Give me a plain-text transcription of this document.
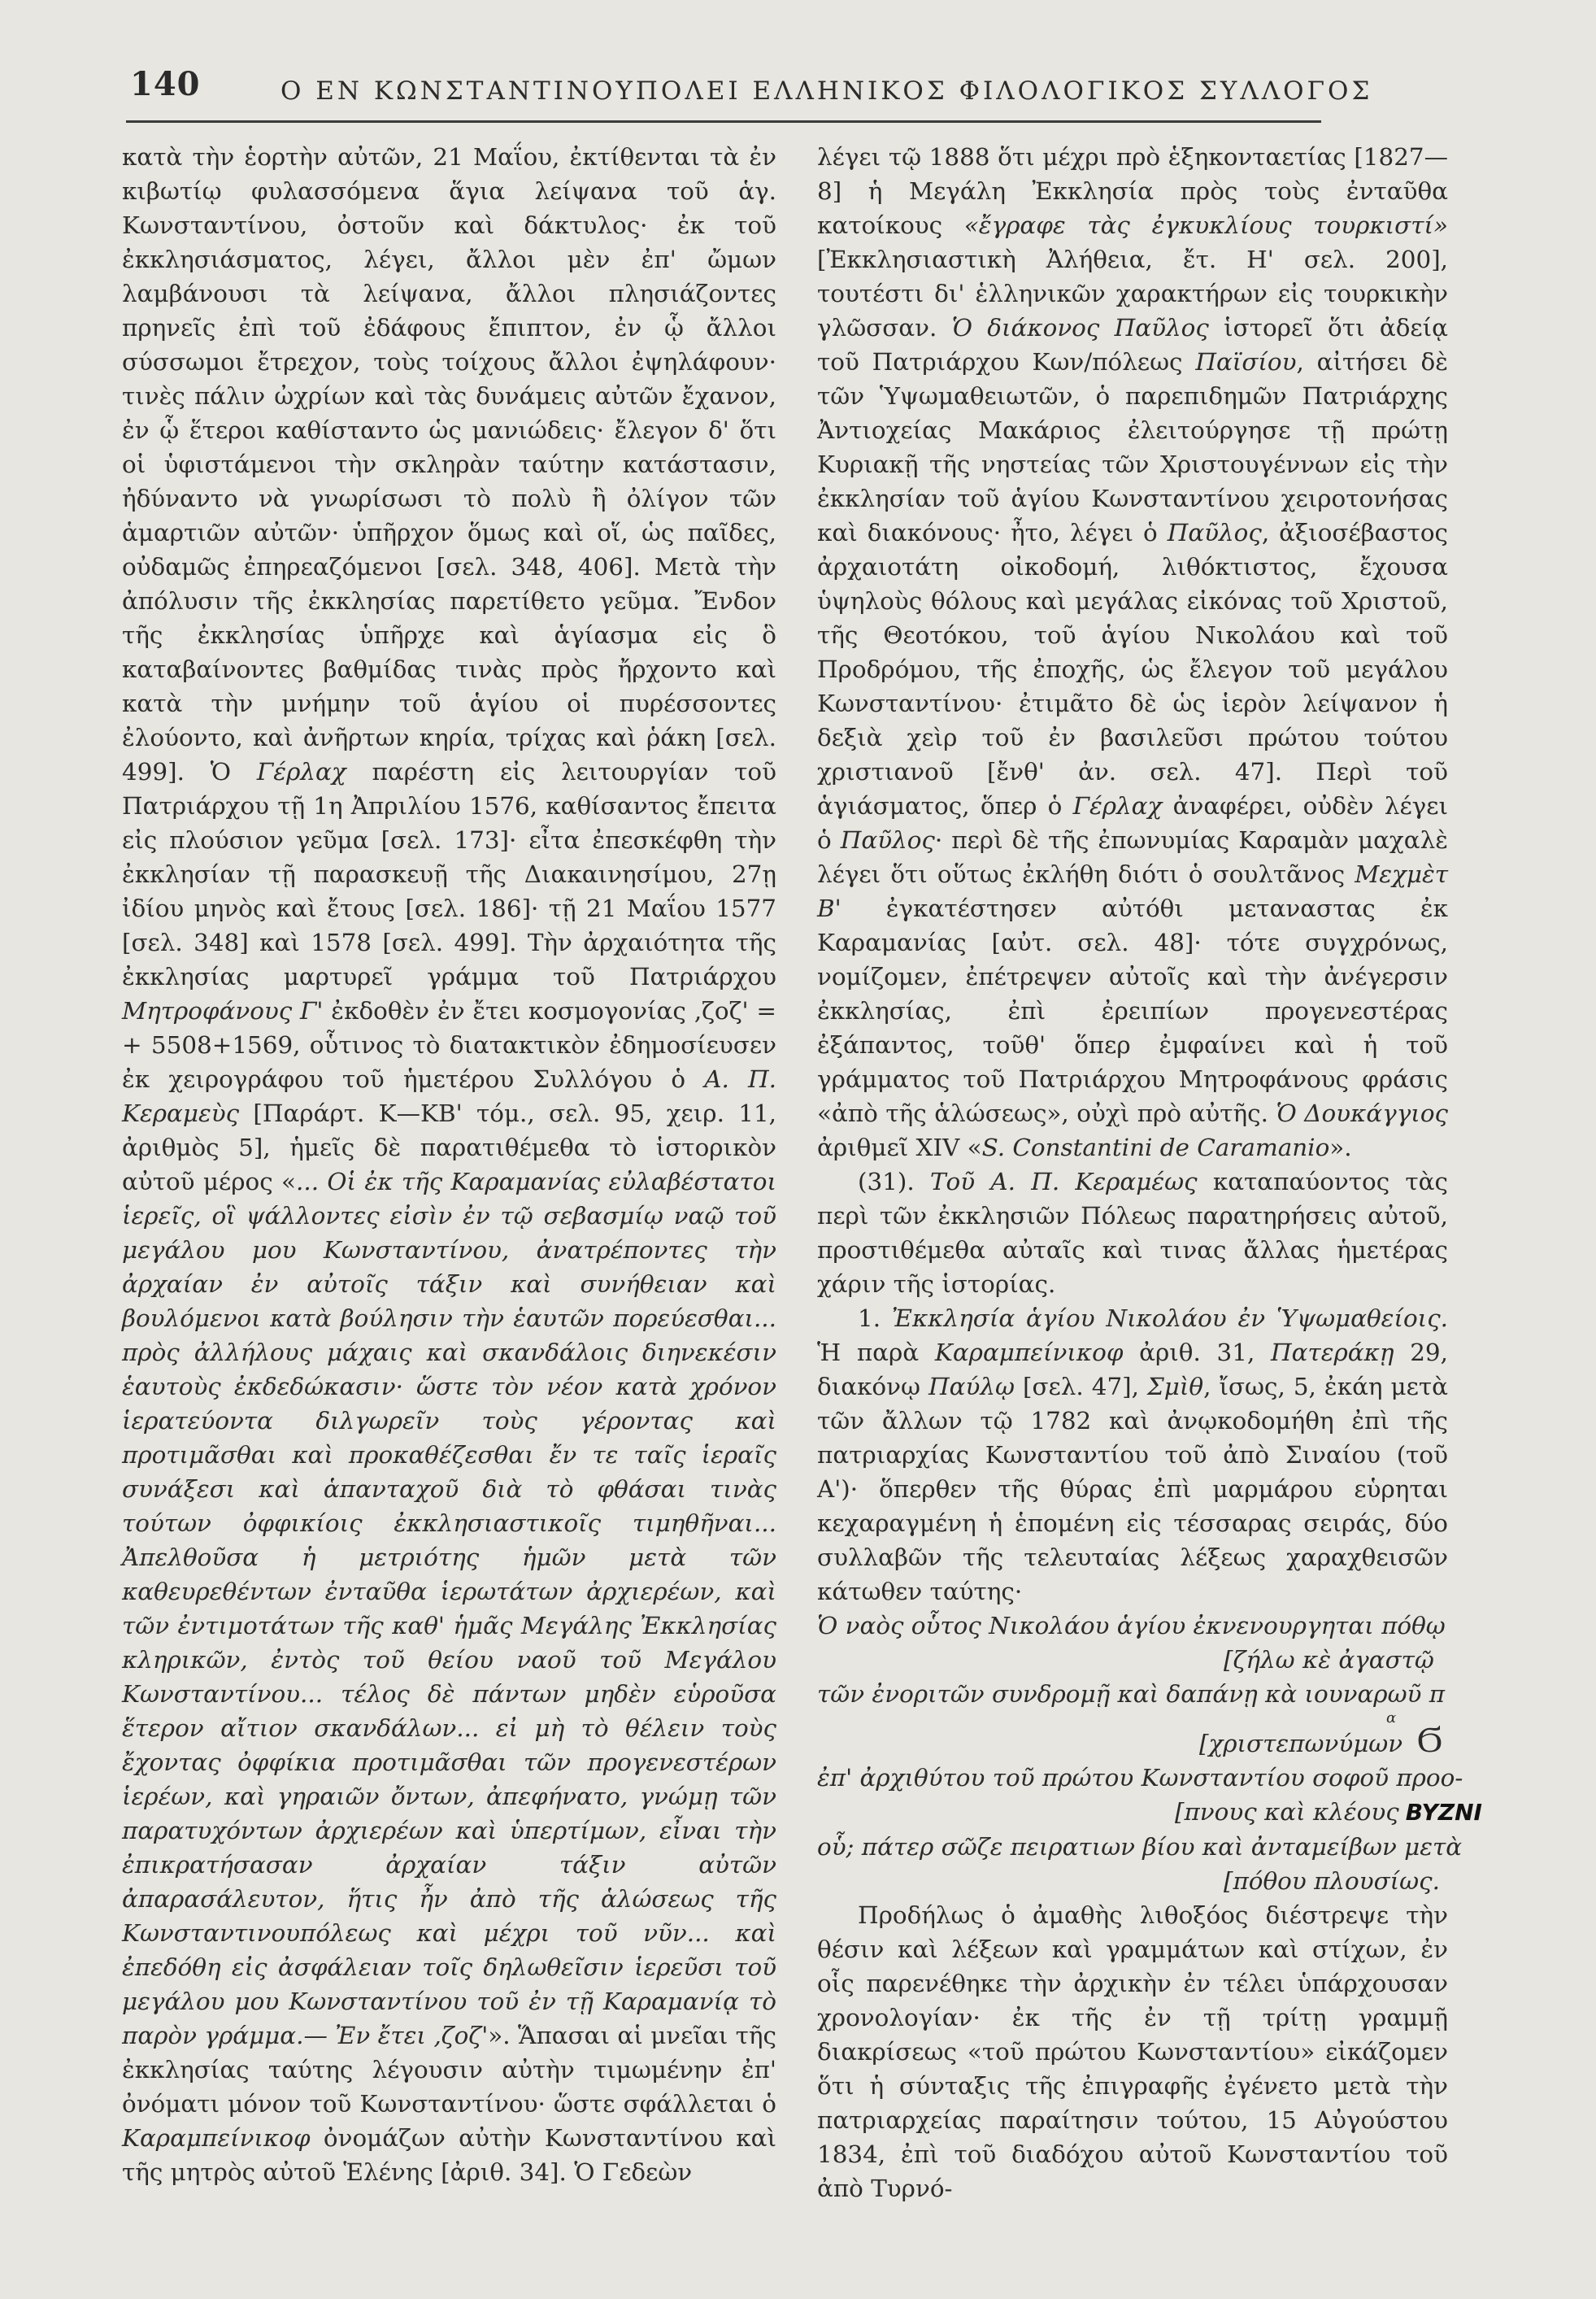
140	Ο ΕΝ ΚΩΝΣΤΑΝΤΙΝΟΥΠΟΛΕΙ ΕΛΛΗΝΙΚΟΣ ΦΙΛΟΛΟΓΙΚΟΣ ΣΥΛΛΟΓΟΣ

κατὰ τὴν ἑορτὴν αὐτῶν, 21 Μαΐου, ἐκτίθενται τὰ ἐν κιβωτίῳ φυλασσόμενα ἅγια λείψανα τοῦ ἁγ. Κωνσταντίνου, ὀστοῦν καὶ δάκτυλος· ἐκ τοῦ ἐκκλησιάσματος, λέγει, ἄλλοι μὲν ἐπ' ὤμων λαμβάνουσι τὰ λείψανα, ἄλλοι πλησιάζοντες πρηνεῖς ἐπὶ τοῦ ἐδάφους ἔπιπτον, ἐν ᾧ ἄλλοι σύσσωμοι ἔτρεχον, τοὺς τοίχους ἄλλοι ἐψηλάφουν· τινὲς πάλιν ὠχρίων καὶ τὰς δυνάμεις αὐτῶν ἔχανον, ἐν ᾧ ἕτεροι καθίσταντο ὡς μανιώδεις· ἔλεγον δ' ὅτι οἱ ὑφιστάμενοι τὴν σκληρὰν ταύτην κατάστασιν, ἠδύναντο νὰ γνωρίσωσι τὸ πολὺ ἢ ὀλίγον τῶν ἁμαρτιῶν αὐτῶν· ὑπῆρχον ὅμως καὶ οἵ, ὡς παῖδες, οὐδαμῶς ἐπηρεαζόμενοι [σελ. 348, 406]. Μετὰ τὴν ἀπόλυσιν τῆς ἐκκλησίας παρετίθετο γεῦμα. Ἔνδον τῆς ἐκκλησίας ὑπῆρχε καὶ ἁγίασμα εἰς ὃ καταβαίνοντες βαθμίδας τινὰς πρὸς ἤρχοντο καὶ κατὰ τὴν μνήμην τοῦ ἁγίου οἱ πυρέσσοντες ἐλούοντο, καὶ ἀνῆρτων κηρία, τρίχας καὶ ῥάκη [σελ. 499]. Ὁ Γέρλαχ παρέστη εἰς λειτουργίαν τοῦ Πατριάρχου τῇ 1η Ἀπριλίου 1576, καθίσαντος ἔπειτα εἰς πλούσιον γεῦμα [σελ. 173]· εἶτα ἐπεσκέφθη τὴν ἐκκλησίαν τῇ παρασκευῇ τῆς Διακαινησίμου, 27ῃ ἰδίου μηνὸς καὶ ἔτους [σελ. 186]· τῇ 21 Μαΐου 1577 [σελ. 348] καὶ 1578 [σελ. 499]. Τὴν ἀρχαιότητα τῆς ἐκκλησίας μαρτυρεῖ γράμμα τοῦ Πατριάρχου Μητροφάνους Γ' ἐκδοθὲν ἐν ἔτει κοσμογονίας ‚ζοζ' = + 5508+1569, οὗτινος τὸ διατακτικὸν ἐδημοσίευσεν ἐκ χειρογράφου τοῦ ἡμετέρου Συλλόγου ὁ Α. Π. Κεραμεὺς [Παράρτ. Κ—ΚΒ' τόμ., σελ. 95, χειρ. 11, ἀριθμὸς 5], ἡμεῖς δὲ παρατιθέμεθα τὸ ἱστορικὸν αὐτοῦ μέρος «... Οἱ ἐκ τῆς Καραμανίας εὐλαβέστατοι ἱερεῖς, οἳ ψάλλοντες εἰσὶν ἐν τῷ σεβασμίῳ ναῷ τοῦ μεγάλου μου Κωνσταντίνου, ἀνατρέποντες τὴν ἀρχαίαν ἐν αὐτοῖς τάξιν καὶ συνήθειαν καὶ βουλόμενοι κατὰ βούλησιν τὴν ἑαυτῶν πορεύεσθαι... πρὸς ἀλλήλους μάχαις καὶ σκανδάλοις διηνεκέσιν ἑαυτοὺς ἐκδεδώκασιν· ὥστε τὸν νέον κατὰ χρόνον ἱερατεύοντα διλγωρεῖν τοὺς γέροντας καὶ προτιμᾶσθαι καὶ προκαθέζεσθαι ἔν τε ταῖς ἱεραῖς συνάξεσι καὶ ἁπανταχοῦ διὰ τὸ φθάσαι τινὰς τούτων ὀφφικίοις ἐκκλησιαστικοῖς τιμηθῆναι... Ἀπελθοῦσα ἡ μετριότης ἡμῶν μετὰ τῶν καθευρεθέντων ἐνταῦθα ἱερωτάτων ἀρχιερέων, καὶ τῶν ἐντιμοτάτων τῆς καθ' ἡμᾶς Μεγάλης Ἐκκλησίας κληρικῶν, ἐντὸς τοῦ θείου ναοῦ τοῦ Μεγάλου Κωνσταντίνου... τέλος δὲ πάντων μηδὲν εὑροῦσα ἕτερον αἴτιον σκανδάλων... εἰ μὴ τὸ θέλειν τοὺς ἔχοντας ὀφφίκια προτιμᾶσθαι τῶν προγενεστέρων ἱερέων, καὶ γηραιῶν ὄντων, ἀπεφήνατο, γνώμῃ τῶν παρατυχόντων ἀρχιερέων καὶ ὑπερτίμων, εἶναι τὴν ἐπικρατήσασαν ἀρχαίαν τάξιν αὐτῶν ἀπαρασάλευτον, ἥτις ἦν ἀπὸ τῆς ἁλώσεως τῆς Κωνσταντινουπόλεως καὶ μέχρι τοῦ νῦν... καὶ ἐπεδόθη εἰς ἀσφάλειαν τοῖς δηλωθεῖσιν ἱερεῦσι τοῦ μεγάλου μου Κωνσταντίνου τοῦ ἐν τῇ Καραμανίᾳ τὸ παρὸν γράμμα.— Ἐν ἔτει ‚ζοζ'». Ἅπασαι αἱ μνεῖαι τῆς ἐκκλησίας ταύτης λέγουσιν αὐτὴν τιμωμένην ἐπ' ὀνόματι μόνον τοῦ Κωνσταντίνου· ὥστε σφάλλεται ὁ Καραμπείνικοφ ὀνομάζων αὐτὴν Κωνσταντίνου καὶ τῆς μητρὸς αὐτοῦ Ἑλένης [ἀριθ. 34]. Ὁ Γεδεὼν

λέγει τῷ 1888 ὅτι μέχρι πρὸ ἑξηκονταετίας [1827—8] ἡ Μεγάλη Ἐκκλησία πρὸς τοὺς ἐνταῦθα κατοίκους «ἔγραφε τὰς ἐγκυκλίους τουρκιστί» [Ἐκκλησιαστικὴ Ἀλήθεια, ἔτ. Η' σελ. 200], τουτέστι δι' ἑλληνικῶν χαρακτήρων εἰς τουρκικὴν γλῶσσαν. Ὁ διάκονος Παῦλος ἱστορεῖ ὅτι ἀδείᾳ τοῦ Πατριάρχου Κων/πόλεως Παϊσίου, αἰτήσει δὲ τῶν Ὑψωμαθειωτῶν, ὁ παρεπιδημῶν Πατριάρχης Ἀντιοχείας Μακάριος ἐλειτούργησε τῇ πρώτῃ Κυριακῇ τῆς νηστείας τῶν Χριστουγέννων εἰς τὴν ἐκκλησίαν τοῦ ἁγίου Κωνσταντίνου χειροτονήσας καὶ διακόνους· ἦτο, λέγει ὁ Παῦλος, ἀξιοσέβαστος ἀρχαιοτάτη οἰκοδομή, λιθόκτιστος, ἔχουσα ὑψηλοὺς θόλους καὶ μεγάλας εἰκόνας τοῦ Χριστοῦ, τῆς Θεοτόκου, τοῦ ἁγίου Νικολάου καὶ τοῦ Προδρόμου, τῆς ἐποχῆς, ὡς ἔλεγον τοῦ μεγάλου Κωνσταντίνου· ἐτιμᾶτο δὲ ὡς ἱερὸν λείψανον ἡ δεξιὰ χεὶρ τοῦ ἐν βασιλεῦσι πρώτου τούτου χριστιανοῦ [ἔνθ' ἀν. σελ. 47]. Περὶ τοῦ ἁγιάσματος, ὅπερ ὁ Γέρλαχ ἀναφέρει, οὐδὲν λέγει ὁ Παῦλος· περὶ δὲ τῆς ἐπωνυμίας Καραμὰν μαχαλὲ λέγει ὅτι οὕτως ἐκλήθη διότι ὁ σουλτᾶνος Μεχμὲτ Β' ἐγκατέστησεν αὐτόθι μεταναστας ἐκ Καραμανίας [αὐτ. σελ. 48]· τότε συγχρόνως, νομίζομεν, ἐπέτρεψεν αὐτοῖς καὶ τὴν ἀνέγερσιν ἐκκλησίας, ἐπὶ ἐρειπίων προγενεστέρας ἐξάπαντος, τοῦθ' ὅπερ ἐμφαίνει καὶ ἡ τοῦ γράμματος τοῦ Πατριάρχου Μητροφάνους φράσις «ἀπὸ τῆς ἁλώσεως», οὐχὶ πρὸ αὐτῆς. Ὁ Δουκάγγιος ἀριθμεῖ XIV «S. Constantini de Caramanio».

(31). Τοῦ Α. Π. Κεραμέως καταπαύοντος τὰς περὶ τῶν ἐκκλησιῶν Πόλεως παρατηρήσεις αὐτοῦ, προστιθέμεθα αὐταῖς καὶ τινας ἄλλας ἡμετέρας χάριν τῆς ἱστορίας.

1. Ἐκκλησία ἁγίου Νικολάου ἐν Ὑψωμαθείοις. Ἡ παρὰ Καραμπείνικοφ ἀριθ. 31, Πατεράκῃ 29, διακόνῳ Παύλῳ [σελ. 47], Σμὶθ, ἴσως, 5, ἐκάη μετὰ τῶν ἄλλων τῷ 1782 καὶ ἀνῳκοδομήθη ἐπὶ τῆς πατριαρχίας Κωνσταντίου τοῦ ἀπὸ Σιναίου (τοῦ Α')· ὅπερθεν τῆς θύρας ἐπὶ μαρμάρου εὑρηται κεχαραγμένη ἡ ἑπομένη εἰς τέσσαρας σειράς, δύο συλλαβῶν τῆς τελευταίας λέξεως χαραχθεισῶν κάτωθεν ταύτης·

Ὁ ναὸς οὗτος Νικολάου ἁγίου ἐκνενουργηται πόθῳ
[ζήλω κὲ ἀγαστῷ
τῶν ἐνοριτῶν συνδρομῇ καὶ δαπάνῃ κὰ ιουναρωῦ π
α
[χριστεπωνύμων Ϭ
ἐπ' ἀρχιθύτου τοῦ πρώτου Κωνσταντίου σοφοῦ προο-
[πνους καὶ κλέους BYZNI
οὗ; πάτερ σῶζε πειρατιων βίου καὶ ἀνταμείβων μετὰ
[πόθου πλουσίως.

Προδήλως ὁ ἀμαθὴς λιθοξόος διέστρεψε τὴν θέσιν καὶ λέξεων καὶ γραμμάτων καὶ στίχων, ἐν οἷς παρενέθηκε τὴν ἀρχικὴν ἐν τέλει ὑπάρχουσαν χρονολογίαν· ἐκ τῆς ἐν τῇ τρίτῃ γραμμῇ διακρίσεως «τοῦ πρώτου Κωνσταντίου» εἰκάζομεν ὅτι ἡ σύνταξις τῆς ἐπιγραφῆς ἐγένετο μετὰ τὴν πατριαρχείας παραίτησιν τούτου, 15 Αὐγούστου 1834, ἐπὶ τοῦ διαδόχου αὐτοῦ Κωνσταντίου τοῦ ἀπὸ Τυρνό-
